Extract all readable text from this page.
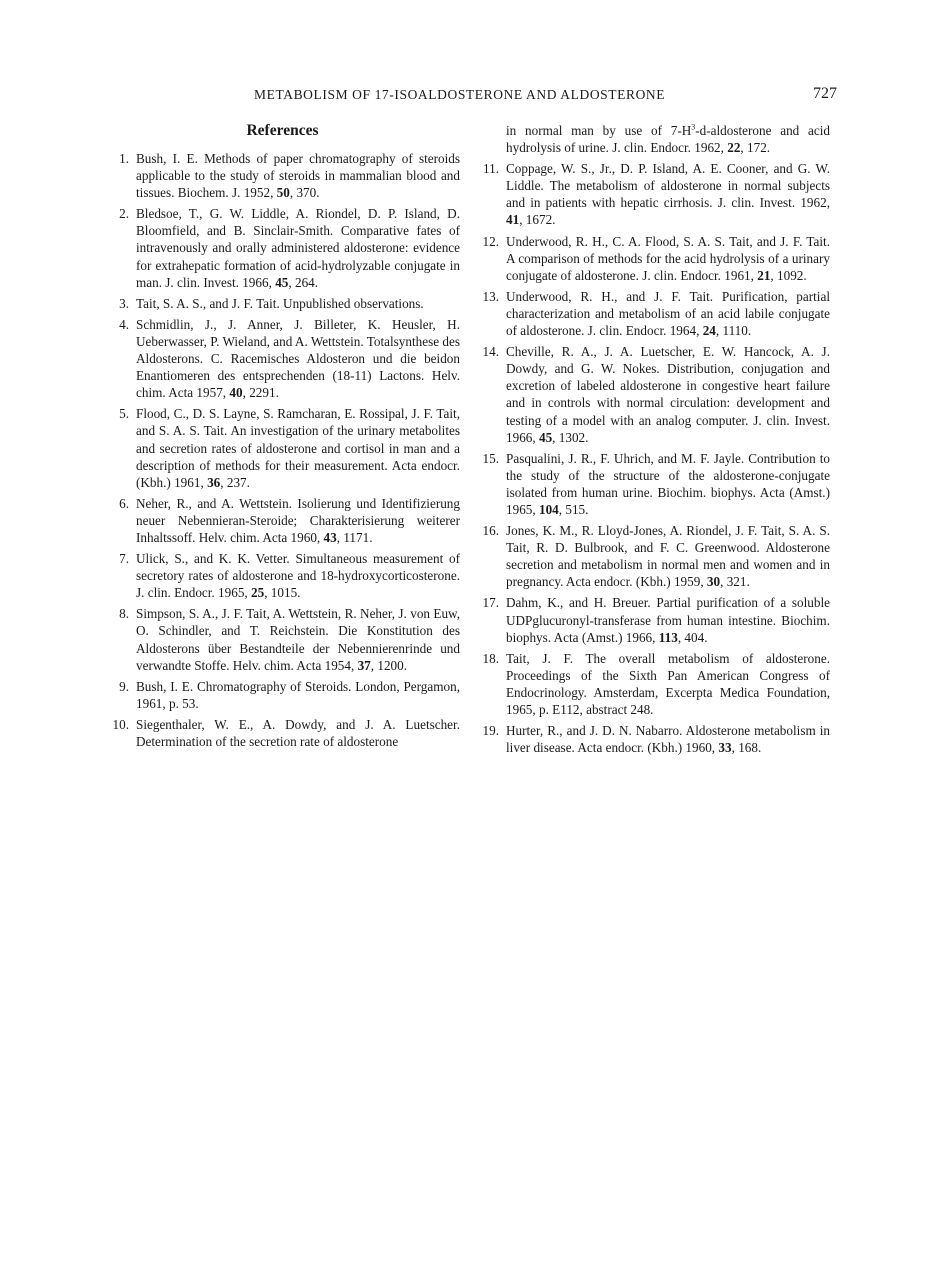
METABOLISM OF 17-ISOALDOSTERONE AND ALDOSTERONE	727
References
1. Bush, I. E. Methods of paper chromatography of steroids applicable to the study of steroids in mammalian blood and tissues. Biochem. J. 1952, 50, 370.
2. Bledsoe, T., G. W. Liddle, A. Riondel, D. P. Island, D. Bloomfield, and B. Sinclair-Smith. Comparative fates of intravenously and orally administered aldosterone: evidence for extrahepatic formation of acid-hydrolyzable conjugate in man. J. clin. Invest. 1966, 45, 264.
3. Tait, S. A. S., and J. F. Tait. Unpublished observations.
4. Schmidlin, J., J. Anner, J. Billeter, K. Heusler, H. Ueberwasser, P. Wieland, and A. Wettstein. Totalsynthese des Aldosterons. C. Racemisches Aldosteron und die beidon Enantiomeren des entsprechenden (18-11) Lactons. Helv. chim. Acta 1957, 40, 2291.
5. Flood, C., D. S. Layne, S. Ramcharan, E. Rossipal, J. F. Tait, and S. A. S. Tait. An investigation of the urinary metabolites and secretion rates of aldosterone and cortisol in man and a description of methods for their measurement. Acta endocr. (Kbh.) 1961, 36, 237.
6. Neher, R., and A. Wettstein. Isolierung und Identifizierung neuer Nebennieran-Steroide; Charakterisierung weiterer Inhaltssoff. Helv. chim. Acta 1960, 43, 1171.
7. Ulick, S., and K. K. Vetter. Simultaneous measurement of secretory rates of aldosterone and 18-hydroxycorticosterone. J. clin. Endocr. 1965, 25, 1015.
8. Simpson, S. A., J. F. Tait, A. Wettstein, R. Neher, J. von Euw, O. Schindler, and T. Reichstein. Die Konstitution des Aldosterons über Bestandteile der Nebennierenrinde und verwandte Stoffe. Helv. chim. Acta 1954, 37, 1200.
9. Bush, I. E. Chromatography of Steroids. London, Pergamon, 1961, p. 53.
10. Siegenthaler, W. E., A. Dowdy, and J. A. Luetscher. Determination of the secretion rate of aldosterone
in normal man by use of $7-H^3-d$-aldosterone and acid hydrolysis of urine. J. clin. Endocr. 1962, 22, 172.
11. Coppage, W. S., Jr., D. P. Island, A. E. Cooner, and G. W. Liddle. The metabolism of aldosterone in normal subjects and in patients with hepatic cirrhosis. J. clin. Invest. 1962, 41, 1672.
12. Underwood, R. H., C. A. Flood, S. A. S. Tait, and J. F. Tait. A comparison of methods for the acid hydrolysis of a urinary conjugate of aldosterone. J. clin. Endocr. 1961, 21, 1092.
13. Underwood, R. H., and J. F. Tait. Purification, partial characterization and metabolism of an acid labile conjugate of aldosterone. J. clin. Endocr. 1964, 24, 1110.
14. Cheville, R. A., J. A. Luetscher, E. W. Hancock, A. J. Dowdy, and G. W. Nokes. Distribution, conjugation and excretion of labeled aldosterone in congestive heart failure and in controls with normal circulation: development and testing of a model with an analog computer. J. clin. Invest. 1966, 45, 1302.
15. Pasqualini, J. R., F. Uhrich, and M. F. Jayle. Contribution to the study of the structure of the aldosterone-conjugate isolated from human urine. Biochim. biophys. Acta (Amst.) 1965, 104, 515.
16. Jones, K. M., R. Lloyd-Jones, A. Riondel, J. F. Tait, S. A. S. Tait, R. D. Bulbrook, and F. C. Greenwood. Aldosterone secretion and metabolism in normal men and women and in pregnancy. Acta endocr. (Kbh.) 1959, 30, 321.
17. Dahm, K., and H. Breuer. Partial purification of a soluble UDPglucuronyl-transferase from human intestine. Biochim. biophys. Acta (Amst.) 1966, 113, 404.
18. Tait, J. F. The overall metabolism of aldosterone. Proceedings of the Sixth Pan American Congress of Endocrinology. Amsterdam, Excerpta Medica Foundation, 1965, p. E112, abstract 248.
19. Hurter, R., and J. D. N. Nabarro. Aldosterone metabolism in liver disease. Acta endocr. (Kbh.) 1960, 33, 168.
